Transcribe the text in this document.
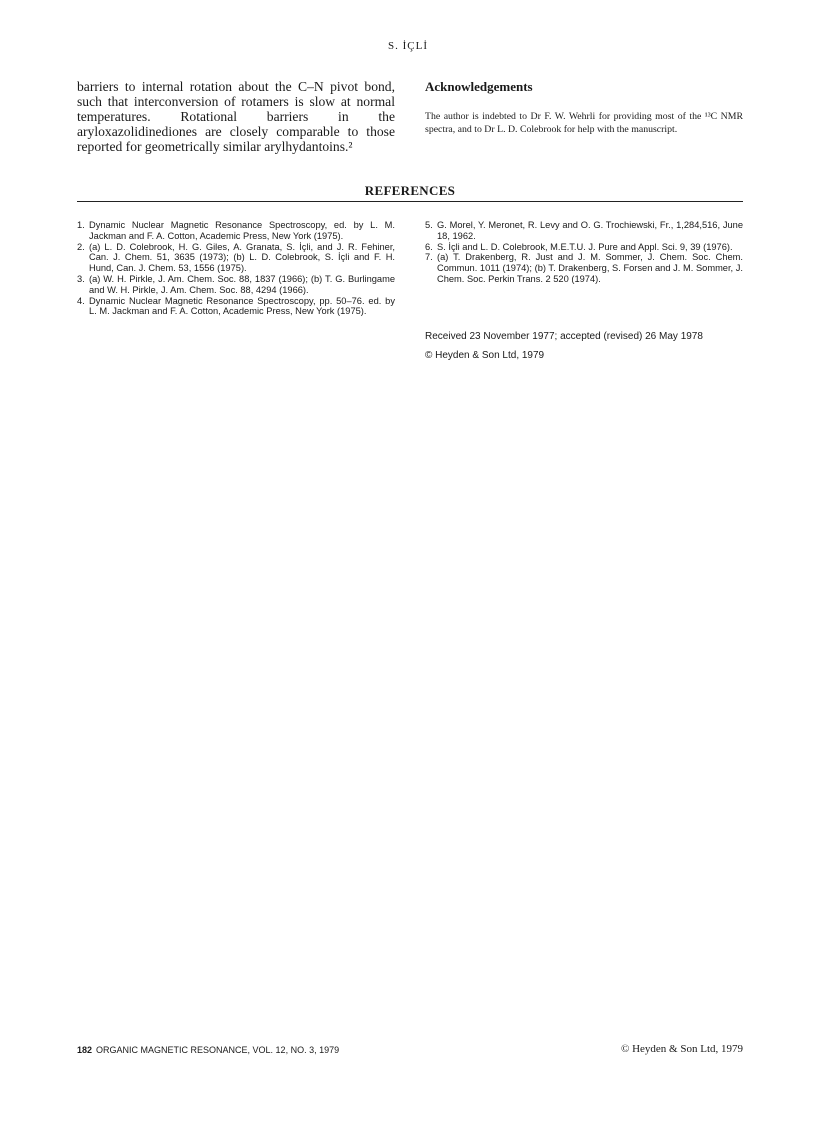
S. İÇLİ
barriers to internal rotation about the C–N pivot bond, such that interconversion of rotamers is slow at normal temperatures. Rotational barriers in the aryloxazolidinediones are closely comparable to those reported for geometrically similar arylhydantoins.²
Acknowledgements
The author is indebted to Dr F. W. Wehrli for providing most of the ¹³C NMR spectra, and to Dr L. D. Colebrook for help with the manuscript.
REFERENCES
1. Dynamic Nuclear Magnetic Resonance Spectroscopy, ed. by L. M. Jackman and F. A. Cotton, Academic Press, New York (1975).
2. (a) L. D. Colebrook, H. G. Giles, A. Granata, S. İçli, and J. R. Fehiner, Can. J. Chem. 51, 3635 (1973); (b) L. D. Colebrook, S. İçli and F. H. Hund, Can. J. Chem. 53, 1556 (1975).
3. (a) W. H. Pirkle, J. Am. Chem. Soc. 88, 1837 (1966); (b) T. G. Burlingame and W. H. Pirkle, J. Am. Chem. Soc. 88, 4294 (1966).
4. Dynamic Nuclear Magnetic Resonance Spectroscopy, pp. 50–76. ed. by L. M. Jackman and F. A. Cotton, Academic Press, New York (1975).
5. G. Morel, Y. Meronet, R. Levy and O. G. Trochiewski, Fr., 1,284,516, June 18, 1962.
6. S. İçli and L. D. Colebrook, M.E.T.U. J. Pure and Appl. Sci. 9, 39 (1976).
7. (a) T. Drakenberg, R. Just and J. M. Sommer, J. Chem. Soc. Chem. Commun. 1011 (1974); (b) T. Drakenberg, S. Forsen and J. M. Sommer, J. Chem. Soc. Perkin Trans. 2 520 (1974).
Received 23 November 1977; accepted (revised) 26 May 1978
© Heyden & Son Ltd, 1979
182 ORGANIC MAGNETIC RESONANCE, VOL. 12, NO. 3, 1979	© Heyden & Son Ltd, 1979
